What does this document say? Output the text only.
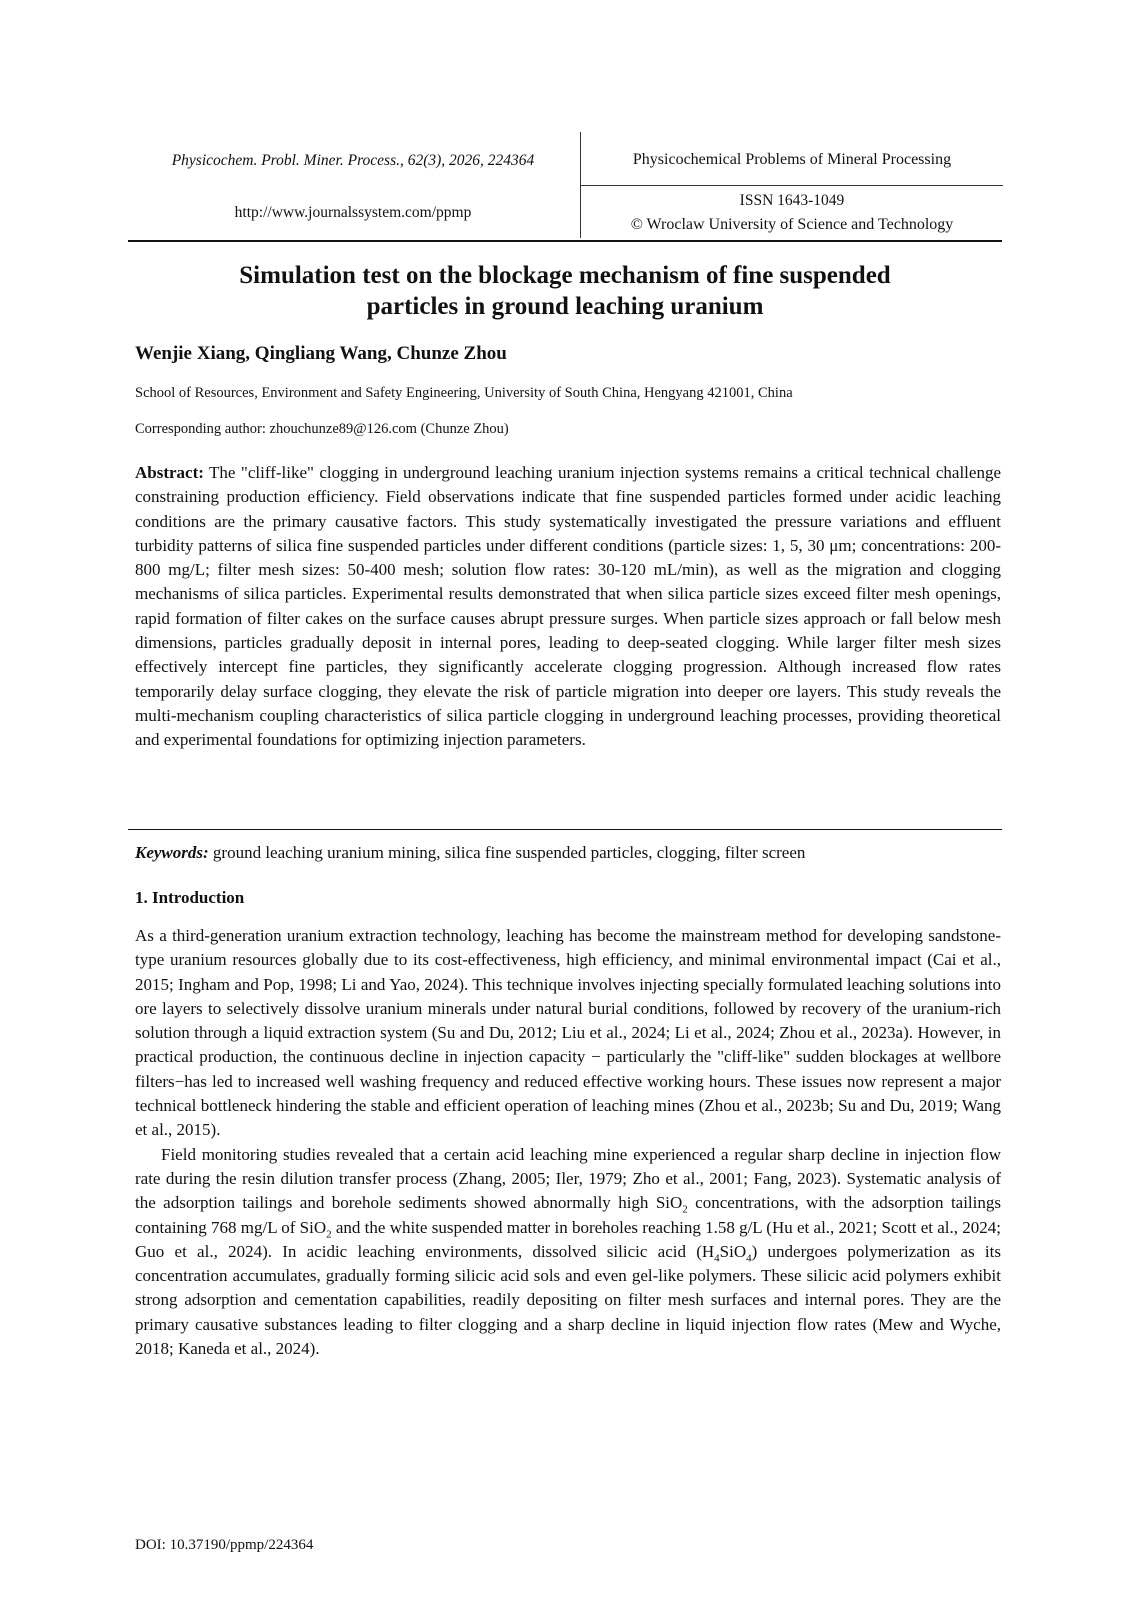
Physicochem. Probl. Miner. Process., 62(3), 2026, 224364
http://www.journalssystem.com/ppmp
Physicochemical Problems of Mineral Processing
ISSN 1643-1049
© Wroclaw University of Science and Technology
Simulation test on the blockage mechanism of fine suspended
particles in ground leaching uranium
Wenjie Xiang, Qingliang Wang, Chunze Zhou
School of Resources, Environment and Safety Engineering, University of South China, Hengyang 421001, China
Corresponding author: zhouchunze89@126.com (Chunze Zhou)

Abstract: The "cliff-like" clogging in underground leaching uranium injection systems remains a critical technical challenge constraining production efficiency. Field observations indicate that fine suspended particles formed under acidic leaching conditions are the primary causative factors. This study systematically investigated the pressure variations and effluent turbidity patterns of silica fine suspended particles under different conditions (particle sizes: 1, 5, 30 μm; concentrations: 200-800 mg/L; filter mesh sizes: 50-400 mesh; solution flow rates: 30-120 mL/min), as well as the migration and clogging mechanisms of silica particles. Experimental results demonstrated that when silica particle sizes exceed filter mesh openings, rapid formation of filter cakes on the surface causes abrupt pressure surges. When particle sizes approach or fall below mesh dimensions, particles gradually deposit in internal pores, leading to deep-seated clogging. While larger filter mesh sizes effectively intercept fine particles, they significantly accelerate clogging progression. Although increased flow rates temporarily delay surface clogging, they elevate the risk of particle migration into deeper ore layers. This study reveals the multi-mechanism coupling characteristics of silica particle clogging in underground leaching processes, providing theoretical and experimental foundations for optimizing injection parameters.

Keywords: ground leaching uranium mining, silica fine suspended particles, clogging, filter screen
1. Introduction

As a third-generation uranium extraction technology, leaching has become the mainstream method for developing sandstone-type uranium resources globally due to its cost-effectiveness, high efficiency, and minimal environmental impact (Cai et al., 2015; Ingham and Pop, 1998; Li and Yao, 2024). This technique involves injecting specially formulated leaching solutions into ore layers to selectively dissolve uranium minerals under natural burial conditions, followed by recovery of the uranium-rich solution through a liquid extraction system (Su and Du, 2012; Liu et al., 2024; Li et al., 2024; Zhou et al., 2023a). However, in practical production, the continuous decline in injection capacity − particularly the "cliff-like" sudden blockages at wellbore filters−has led to increased well washing frequency and reduced effective working hours. These issues now represent a major technical bottleneck hindering the stable and efficient operation of leaching mines (Zhou et al., 2023b; Su and Du, 2019; Wang et al., 2015).

Field monitoring studies revealed that a certain acid leaching mine experienced a regular sharp decline in injection flow rate during the resin dilution transfer process (Zhang, 2005; Iler, 1979; Zho et al., 2001; Fang, 2023). Systematic analysis of the adsorption tailings and borehole sediments showed abnormally high SiO$_2$ concentrations, with the adsorption tailings containing 768 mg/L of SiO$_2$ and the white suspended matter in boreholes reaching 1.58 g/L (Hu et al., 2021; Scott et al., 2024; Guo et al., 2024). In acidic leaching environments, dissolved silicic acid $(H_4SiO_4)$ undergoes polymerization as its concentration accumulates, gradually forming silicic acid sols and even gel-like polymers. These silicic acid polymers exhibit strong adsorption and cementation capabilities, readily depositing on filter mesh surfaces and internal pores. They are the primary causative substances leading to filter clogging and a sharp decline in liquid injection flow rates (Mew and Wyche, 2018; Kaneda et al., 2024).

DOI: 10.37190/ppmp/224364
